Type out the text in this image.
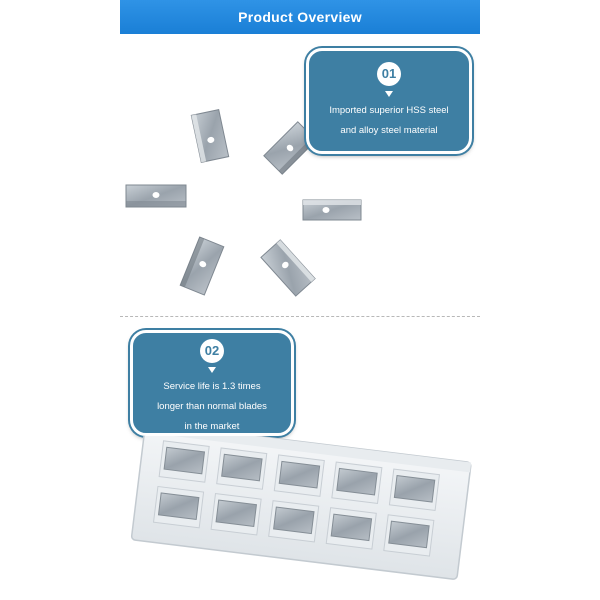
Product Overview
01
Imported superior HSS steel
and alloy steel material
02
Service life is 1.3 times
longer than normal blades
in the market
